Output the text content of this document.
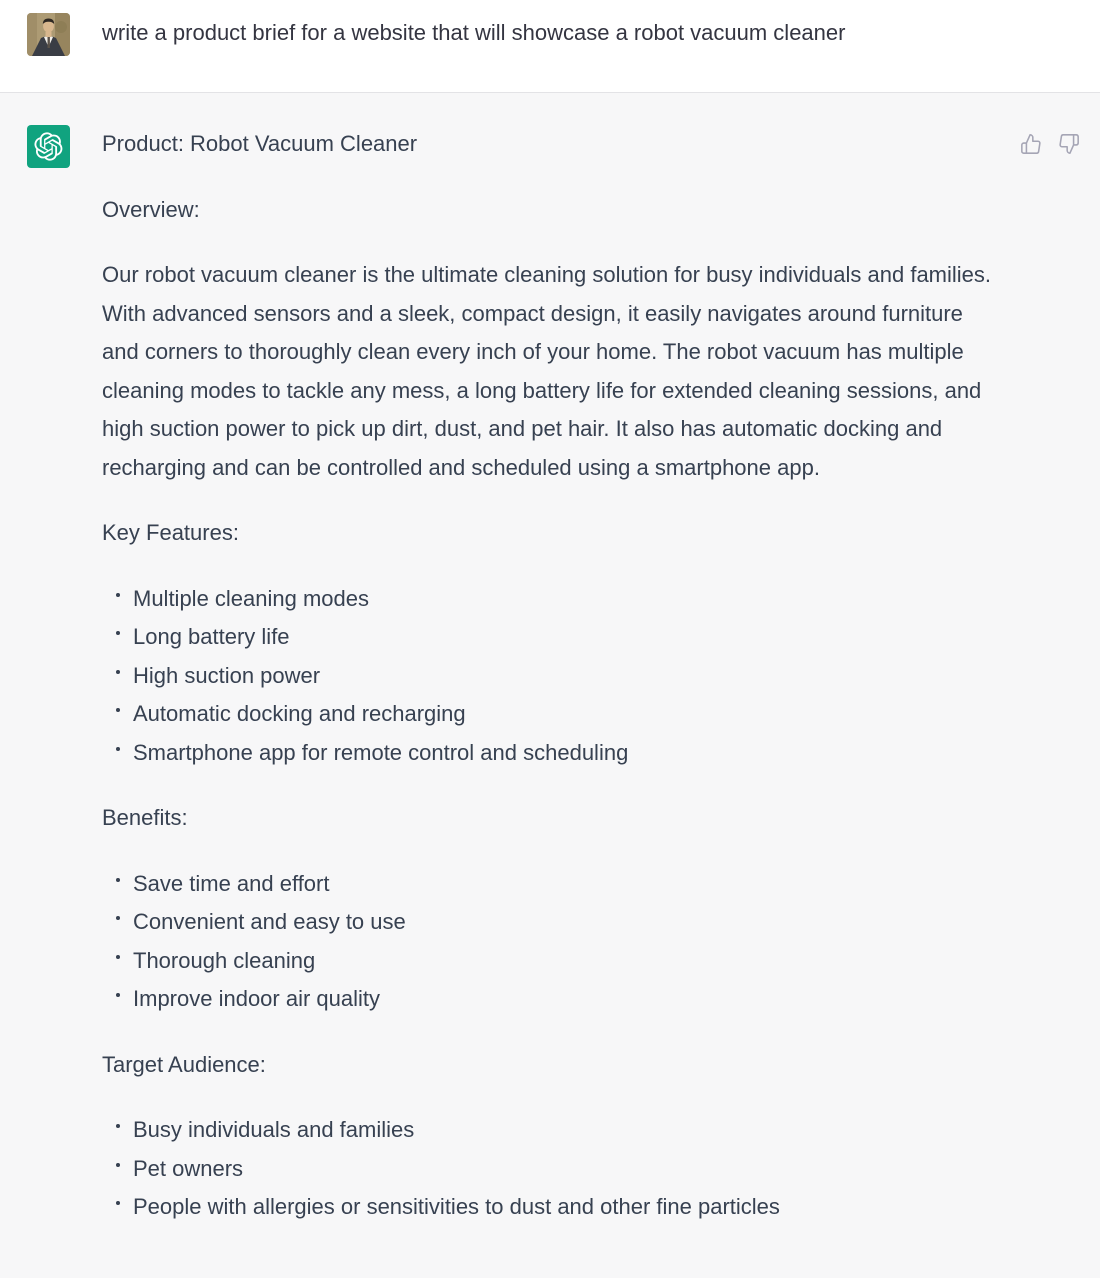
write a product brief for a website that will showcase a robot vacuum cleaner

Product: Robot Vacuum Cleaner

Overview:

Our robot vacuum cleaner is the ultimate cleaning solution for busy individuals and families. With advanced sensors and a sleek, compact design, it easily navigates around furniture and corners to thoroughly clean every inch of your home. The robot vacuum has multiple cleaning modes to tackle any mess, a long battery life for extended cleaning sessions, and high suction power to pick up dirt, dust, and pet hair. It also has automatic docking and recharging and can be controlled and scheduled using a smartphone app.

Key Features:

Multiple cleaning modes
Long battery life
High suction power
Automatic docking and recharging
Smartphone app for remote control and scheduling

Benefits:

Save time and effort
Convenient and easy to use
Thorough cleaning
Improve indoor air quality

Target Audience:

Busy individuals and families
Pet owners
People with allergies or sensitivities to dust and other fine particles
